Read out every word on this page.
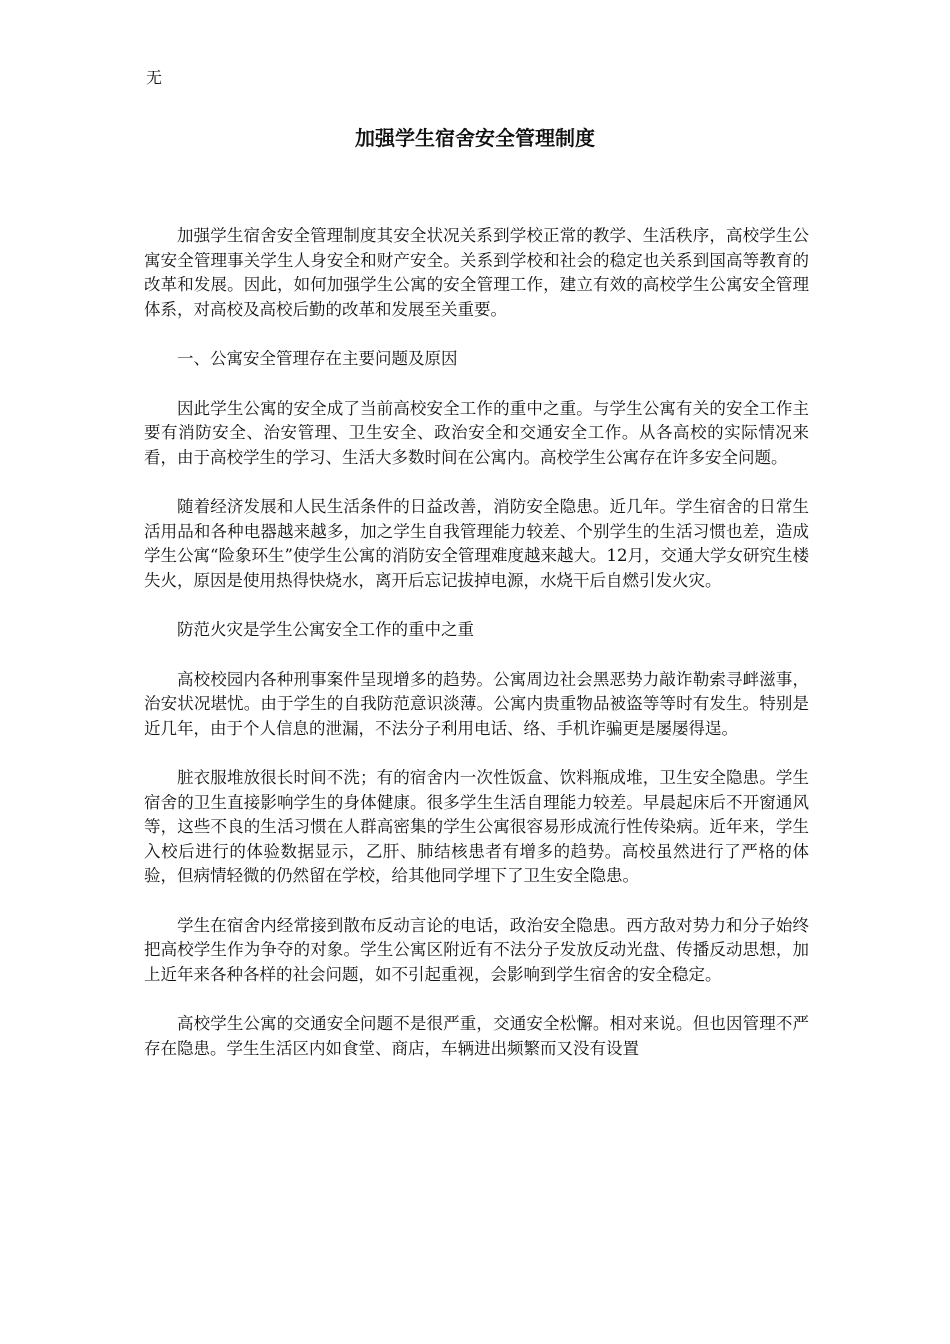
无
加强学生宿舍安全管理制度

加强学生宿舍安全管理制度其安全状况关系到学校正常的教学、生活秩序，高校学生公寓安全管理事关学生人身安全和财产安全。关系到学校和社会的稳定也关系到国高等教育的改革和发展。因此，如何加强学生公寓的安全管理工作，建立有效的高校学生公寓安全管理体系，对高校及高校后勤的改革和发展至关重要。

一、公寓安全管理存在主要问题及原因

因此学生公寓的安全成了当前高校安全工作的重中之重。与学生公寓有关的安全工作主要有消防安全、治安管理、卫生安全、政治安全和交通安全工作。从各高校的实际情况来看，由于高校学生的学习、生活大多数时间在公寓内。高校学生公寓存在许多安全问题。

随着经济发展和人民生活条件的日益改善，消防安全隐患。近几年。学生宿舍的日常生活用品和各种电器越来越多，加之学生自我管理能力较差、个别学生的生活习惯也差，造成学生公寓“险象环生”使学生公寓的消防安全管理难度越来越大。12月，交通大学女研究生楼失火，原因是使用热得快烧水，离开后忘记拔掉电源，水烧干后自燃引发火灾。

防范火灾是学生公寓安全工作的重中之重

高校校园内各种刑事案件呈现增多的趋势。公寓周边社会黑恶势力敲诈勒索寻衅滋事，治安状况堪忧。由于学生的自我防范意识淡薄。公寓内贵重物品被盗等等时有发生。特别是近几年，由于个人信息的泄漏，不法分子利用电话、络、手机诈骗更是屡屡得逞。

脏衣服堆放很长时间不洗；有的宿舍内一次性饭盒、饮料瓶成堆，卫生安全隐患。学生宿舍的卫生直接影响学生的身体健康。很多学生生活自理能力较差。早晨起床后不开窗通风等，这些不良的生活习惯在人群高密集的学生公寓很容易形成流行性传染病。近年来，学生入校后进行的体验数据显示，乙肝、肺结核患者有增多的趋势。高校虽然进行了严格的体验，但病情轻微的仍然留在学校，给其他同学埋下了卫生安全隐患。

学生在宿舍内经常接到散布反动言论的电话，政治安全隐患。西方敌对势力和分子始终把高校学生作为争夺的对象。学生公寓区附近有不法分子发放反动光盘、传播反动思想，加上近年来各种各样的社会问题，如不引起重视，会影响到学生宿舍的安全稳定。

高校学生公寓的交通安全问题不是很严重，交通安全松懈。相对来说。但也因管理不严存在隐患。学生生活区内如食堂、商店，车辆进出频繁而又没有设置
